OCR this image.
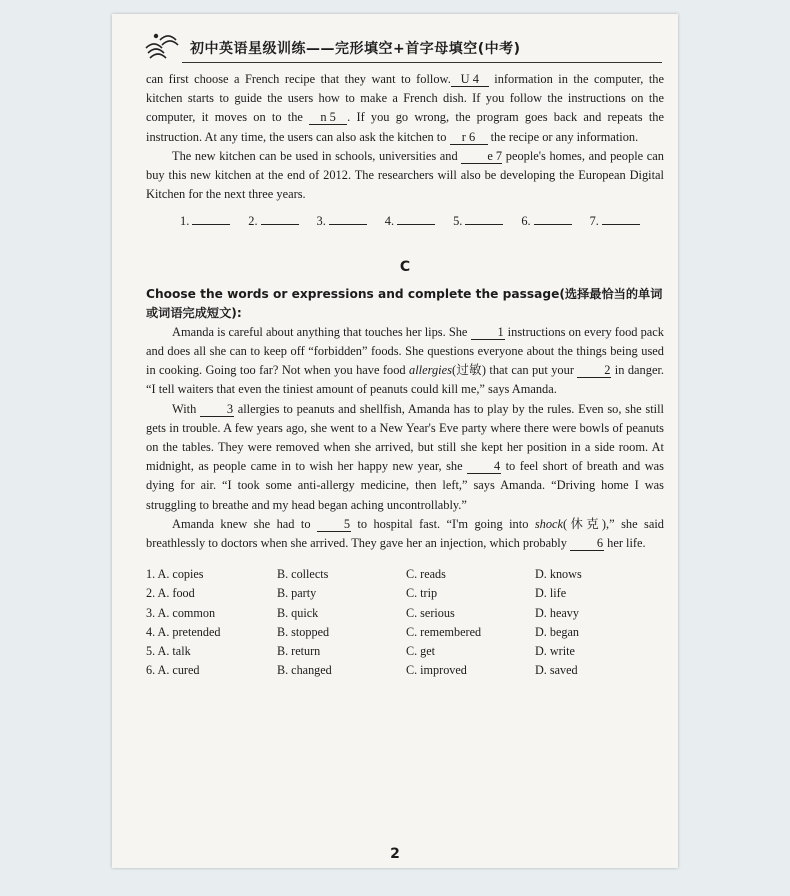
初中英语星级训练——完形填空+首字母填空(中考)

can first choose a French recipe that they want to follow. U 4 information in the computer, the kitchen starts to guide the users how to make a French dish. If you follow the instructions on the computer, it moves on to the n 5 . If you go wrong, the program goes back and repeats the instruction. At any time, the users can also ask the kitchen to r 6 the recipe or any information.

The new kitchen can be used in schools, universities and e 7 people's homes, and people can buy this new kitchen at the end of 2012. The researchers will also be developing the European Digital Kitchen for the next three years.

1.	2.	3.	4.	5.	6.	7.
C
Choose the words or expressions and complete the passage(选择最恰当的单词或词语完成短文):

Amanda is careful about anything that touches her lips. She 1 instructions on every food pack and does all she can to keep off “forbidden” foods. She questions everyone about the things being used in cooking. Going too far? Not when you have food allergies(过敏) that can put your 2 in danger. “I tell waiters that even the tiniest amount of peanuts could kill me,” says Amanda.

With 3 allergies to peanuts and shellfish, Amanda has to play by the rules. Even so, she still gets in trouble. A few years ago, she went to a New Year's Eve party where there were bowls of peanuts on the tables. They were removed when she arrived, but still she kept her position in a side room. At midnight, as people came in to wish her happy new year, she 4 to feel short of breath and was dying for air. “I took some anti-allergy medicine, then left,” says Amanda. “Driving home I was struggling to breathe and my head began aching uncontrollably.”

Amanda knew she had to 5 to hospital fast. “I'm going into shock(休克),” she said breathlessly to doctors when she arrived. They gave her an injection, which probably 6 her life.

1. A. copies	B. collects	C. reads	D. knows
2. A. food	B. party	C. trip	D. life
3. A. common	B. quick	C. serious	D. heavy
4. A. pretended	B. stopped	C. remembered	D. began
5. A. talk	B. return	C. get	D. write
6. A. cured	B. changed	C. improved	D. saved
2
